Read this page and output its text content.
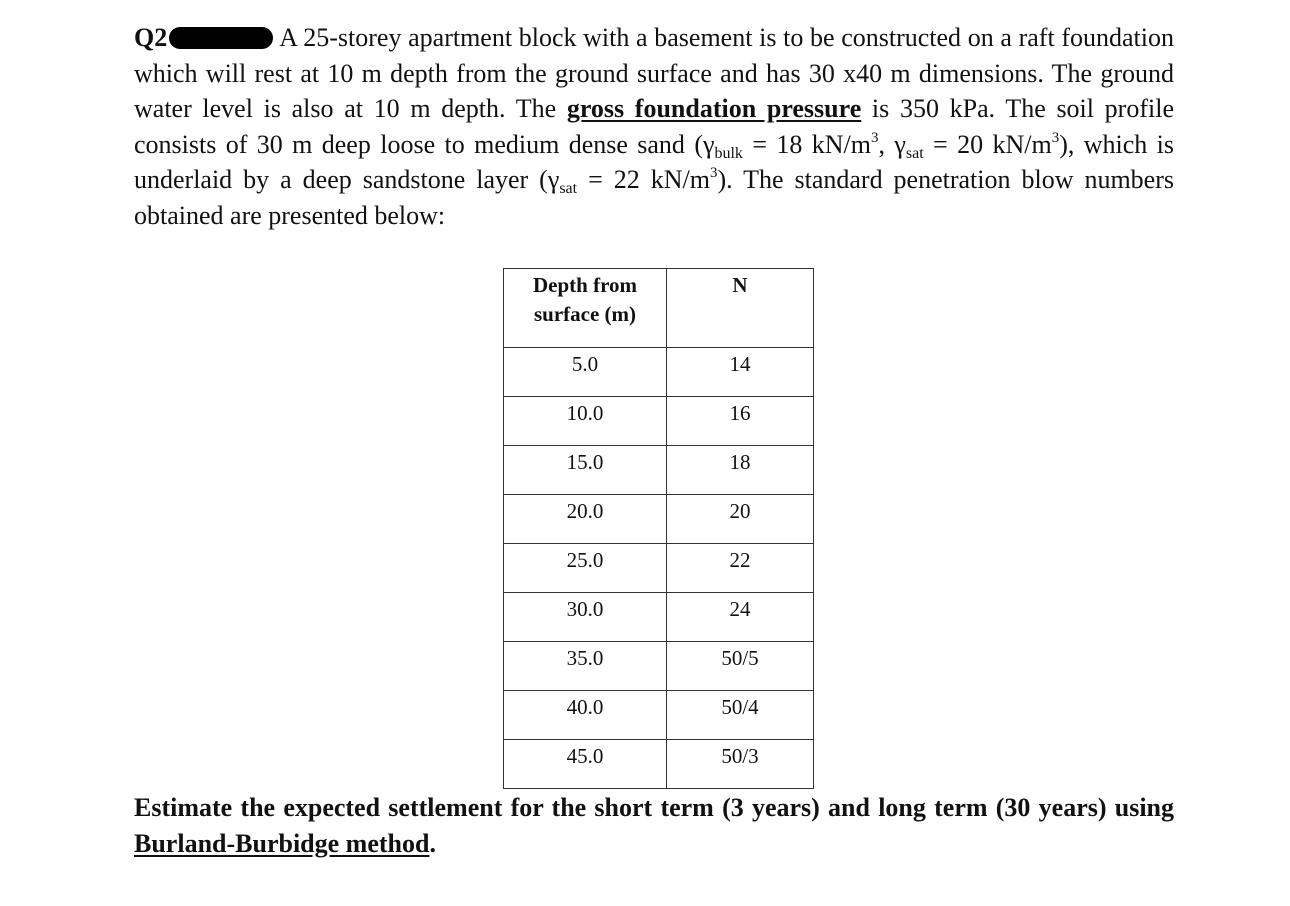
Q2	A 25-storey apartment block with a basement is to be constructed on a raft foundation which will rest at 10 m depth from the ground surface and has 30 x40 m dimensions. The ground water level is also at 10 m depth. The gross foundation pressure is 350 kPa. The soil profile consists of 30 m deep loose to medium dense sand ($\gamma_{bulk} = 18$ $kN/m^3$, $\gamma_{sat} = 20$ $kN/m^3$), which is underlaid by a deep sandstone layer ($\gamma_{sat} = 22$ $kN/m^3$). The standard penetration blow numbers obtained are presented below:
Depth from surface (m)	N
5.0	14
10.0	16
15.0	18
20.0	20
25.0	22
30.0	24
35.0	50/5
40.0	50/4
45.0	50/3
Estimate the expected settlement for the short term (3 years) and long term (30 years) using Burland-Burbidge method.
